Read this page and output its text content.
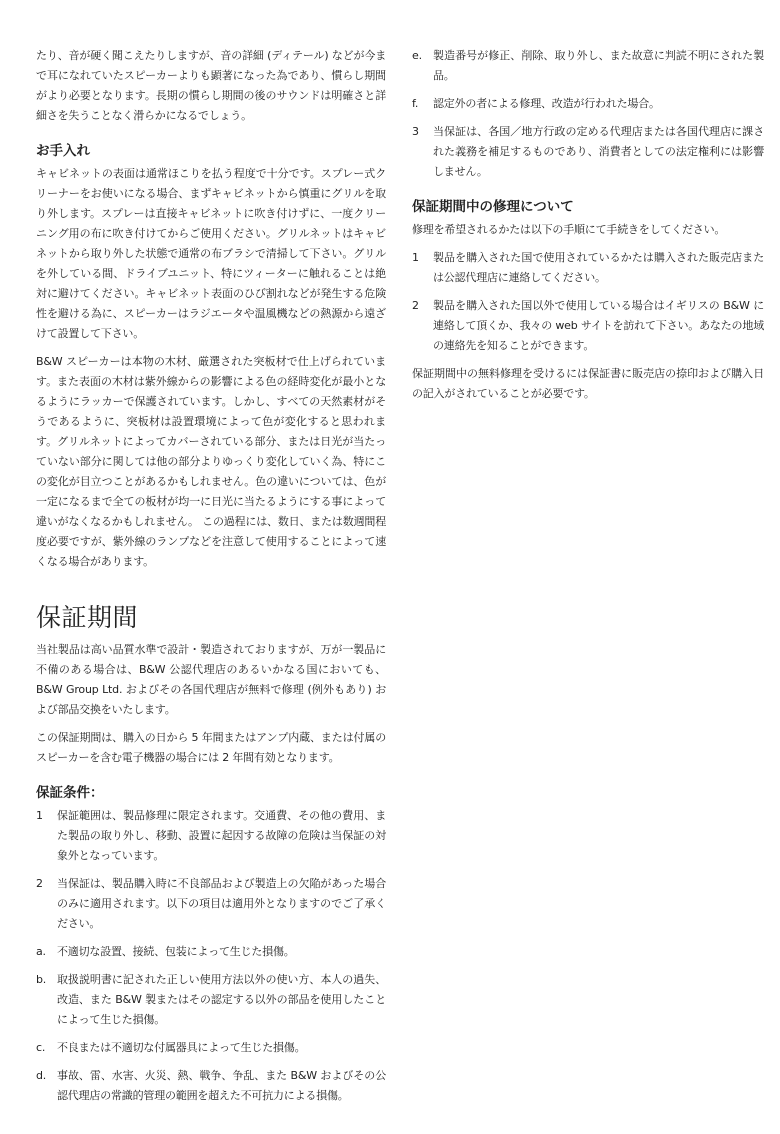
たり、音が硬く聞こえたりしますが、音の詳細 (ディテール) などが今まで耳になれていたスピーカーよりも顕著になった為であり、慣らし期間がより必要となります。長期の慣らし期間の後のサウンドは明確さと詳細さを失うことなく滑らかになるでしょう。

お手入れ

キャビネットの表面は通常ほこりを払う程度で十分です。スプレー式クリーナーをお使いになる場合、まずキャビネットから慎重にグリルを取り外します。スプレーは直接キャビネットに吹き付けずに、一度クリーニング用の布に吹き付けてからご使用ください。グリルネットはキャビネットから取り外した状態で通常の布ブラシで清掃して下さい。グリルを外している間、ドライブユニット、特にツィーターに触れることは絶対に避けてください。キャビネット表面のひび割れなどが発生する危険性を避ける為に、スピーカーはラジエータや温風機などの熱源から遠ざけて設置して下さい。

B&W スピーカーは本物の木材、厳選された突板材で仕上げられています。また表面の木材は紫外線からの影響による色の経時変化が最小となるようにラッカーで保護されています。しかし、すべての天然素材がそうであるように、突板材は設置環境によって色が変化すると思われます。グリルネットによってカバーされている部分、または日光が当たっていない部分に関しては他の部分よりゆっくり変化していく為、特にこの変化が目立つことがあるかもしれません。色の違いについては、色が一定になるまで全ての板材が均一に日光に当たるようにする事によって違いがなくなるかもしれません。 この過程には、数日、または数週間程度必要ですが、紫外線のランプなどを注意して使用することによって速くなる場合があります。

保証期間

当社製品は高い品質水準で設計・製造されておりますが、万が一製品に不備のある場合は、B&W 公認代理店のあるいかなる国においても、B&W Group Ltd. およびその各国代理店が無料で修理 (例外もあり) および部品交換をいたします。

この保証期間は、購入の日から 5 年間またはアンプ内蔵、または付属のスピーカーを含む電子機器の場合には 2 年間有効となります。

保証条件：
1 保証範囲は、製品修理に限定されます。交通費、その他の費用、また製品の取り外し、移動、設置に起因する故障の危険は当保証の対象外となっています。
2 当保証は、製品購入時に不良部品および製造上の欠陥があった場合のみに適用されます。以下の項目は適用外となりますのでご了承ください。
a. 不適切な設置、接続、包装によって生じた損傷。
b. 取扱説明書に記された正しい使用方法以外の使い方、本人の過失、改造、また B&W 製またはその認定する以外の部品を使用したことによって生じた損傷。
c. 不良または不適切な付属器具によって生じた損傷。
d. 事故、雷、水害、火災、熱、戦争、争乱、また B&W およびその公認代理店の常識的管理の範囲を超えた不可抗力による損傷。
e. 製造番号が修正、削除、取り外し、また故意に判読不明にされた製品。
f. 認定外の者による修理、改造が行われた場合。
3 当保証は、各国／地方行政の定める代理店または各国代理店に課された義務を補足するものであり、消費者としての法定権利には影響しません。
保証期間中の修理について

修理を希望されるかたは以下の手順にて手続きをしてください。

1 製品を購入された国で使用されているかたは購入された販売店または公認代理店に連絡してください。
2 製品を購入された国以外で使用している場合はイギリスの B&W に連絡して頂くか、我々の web サイトを訪れて下さい。あなたの地域の連絡先を知ることができます。

保証期間中の無料修理を受けるには保証書に販売店の捺印および購入日の記入がされていることが必要です。
